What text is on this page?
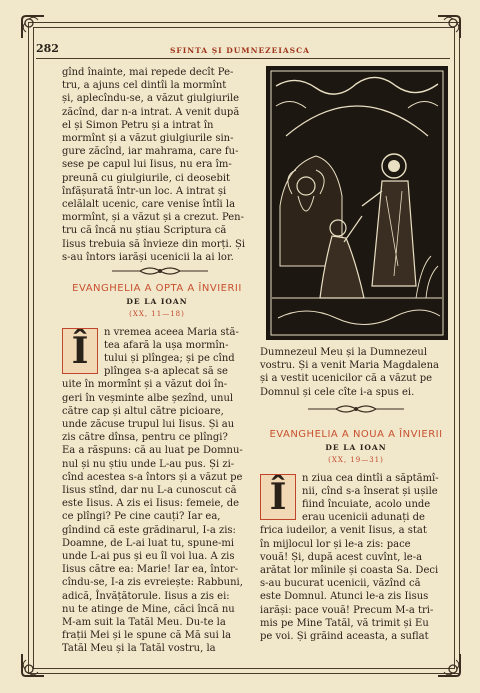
282	SFINTA ȘI DUMNEZEIASCA

gînd înainte, mai repede decît Pe-

tru, a ajuns cel dintîi la mormînt

și, aplecîndu-se, a văzut giulgiurile

zăcînd, dar n-a intrat. A venit după

el și Simon Petru și a intrat în

mormînt și a văzut giulgiurile sin-

gure zăcînd, iar mahrama, care fu-

sese pe capul lui Iisus, nu era îm-

preună cu giulgiurile, ci deosebit

înfășurată într-un loc. A intrat și

celălalt ucenic, care venise întîi la

mormînt, și a văzut și a crezut. Pen-

tru că încă nu știau Scriptura că

Iisus trebuia să învieze din morți. Și

s-au întors iarăși ucenicii la ai lor.

EVANGHELIA A OPTA A ÎNVIERII

DE LA IOAN

(XX, 11—18)

Î	n vremea aceea Maria stă-

tea afară la ușa mormîn-

tului și plîngea; și pe cînd

plîngea s-a aplecat să se

uite în mormînt și a văzut doi în-

geri în veșminte albe șezînd, unul

către cap și altul către picioare,

unde zăcuse trupul lui Iisus. Și au

zis către dînsa, pentru ce plîngi?

Ea a răspuns: că au luat pe Domnu-

nul și nu știu unde L-au pus. Și zi-

cînd acestea s-a întors și a văzut pe

Iisus stînd, dar nu L-a cunoscut că

este Iisus. A zis ei Iisus: femeie, de

ce plîngi? Pe cine cauți? Iar ea,

gîndind că este grădinarul, I-a zis:

Doamne, de L-ai luat tu, spune-mi

unde L-ai pus și eu îl voi lua. A zis

Iisus către ea: Marie! Iar ea, întor-

cîndu-se, I-a zis evreiește: Rabbuni,

adică, Învățătorule. Iisus a zis ei:

nu te atinge de Mine, căci încă nu

M-am suit la Tatăl Meu. Du-te la

frații Mei și le spune că Mă sui la

Tatăl Meu și la Tatăl vostru, la

Dumnezeul Meu și la Dumnezeul

vostru. Și a venit Maria Magdalena

și a vestit ucenicilor că a văzut pe

Domnul și cele cîte i-a spus ei.

EVANGHELIA A NOUA A ÎNVIERII

DE LA IOAN

(XX, 19—31)

Î	n ziua cea dintîi a săptămî-

nii, cînd s-a înserat și ușile

fiind încuiate, acolo unde

erau ucenicii adunați de

frica iudeilor, a venit Iisus, a stat

în mijlocul lor și le-a zis: pace

vouă! Și, după acest cuvînt, le-a

arătat lor mîinile și coasta Sa. Deci

s-au bucurat ucenicii, văzînd că

este Domnul. Atunci le-a zis Iisus

iarăși: pace vouă! Precum M-a tri-

mis pe Mine Tatăl, vă trimit și Eu

pe voi. Și grăind aceasta, a suflat
